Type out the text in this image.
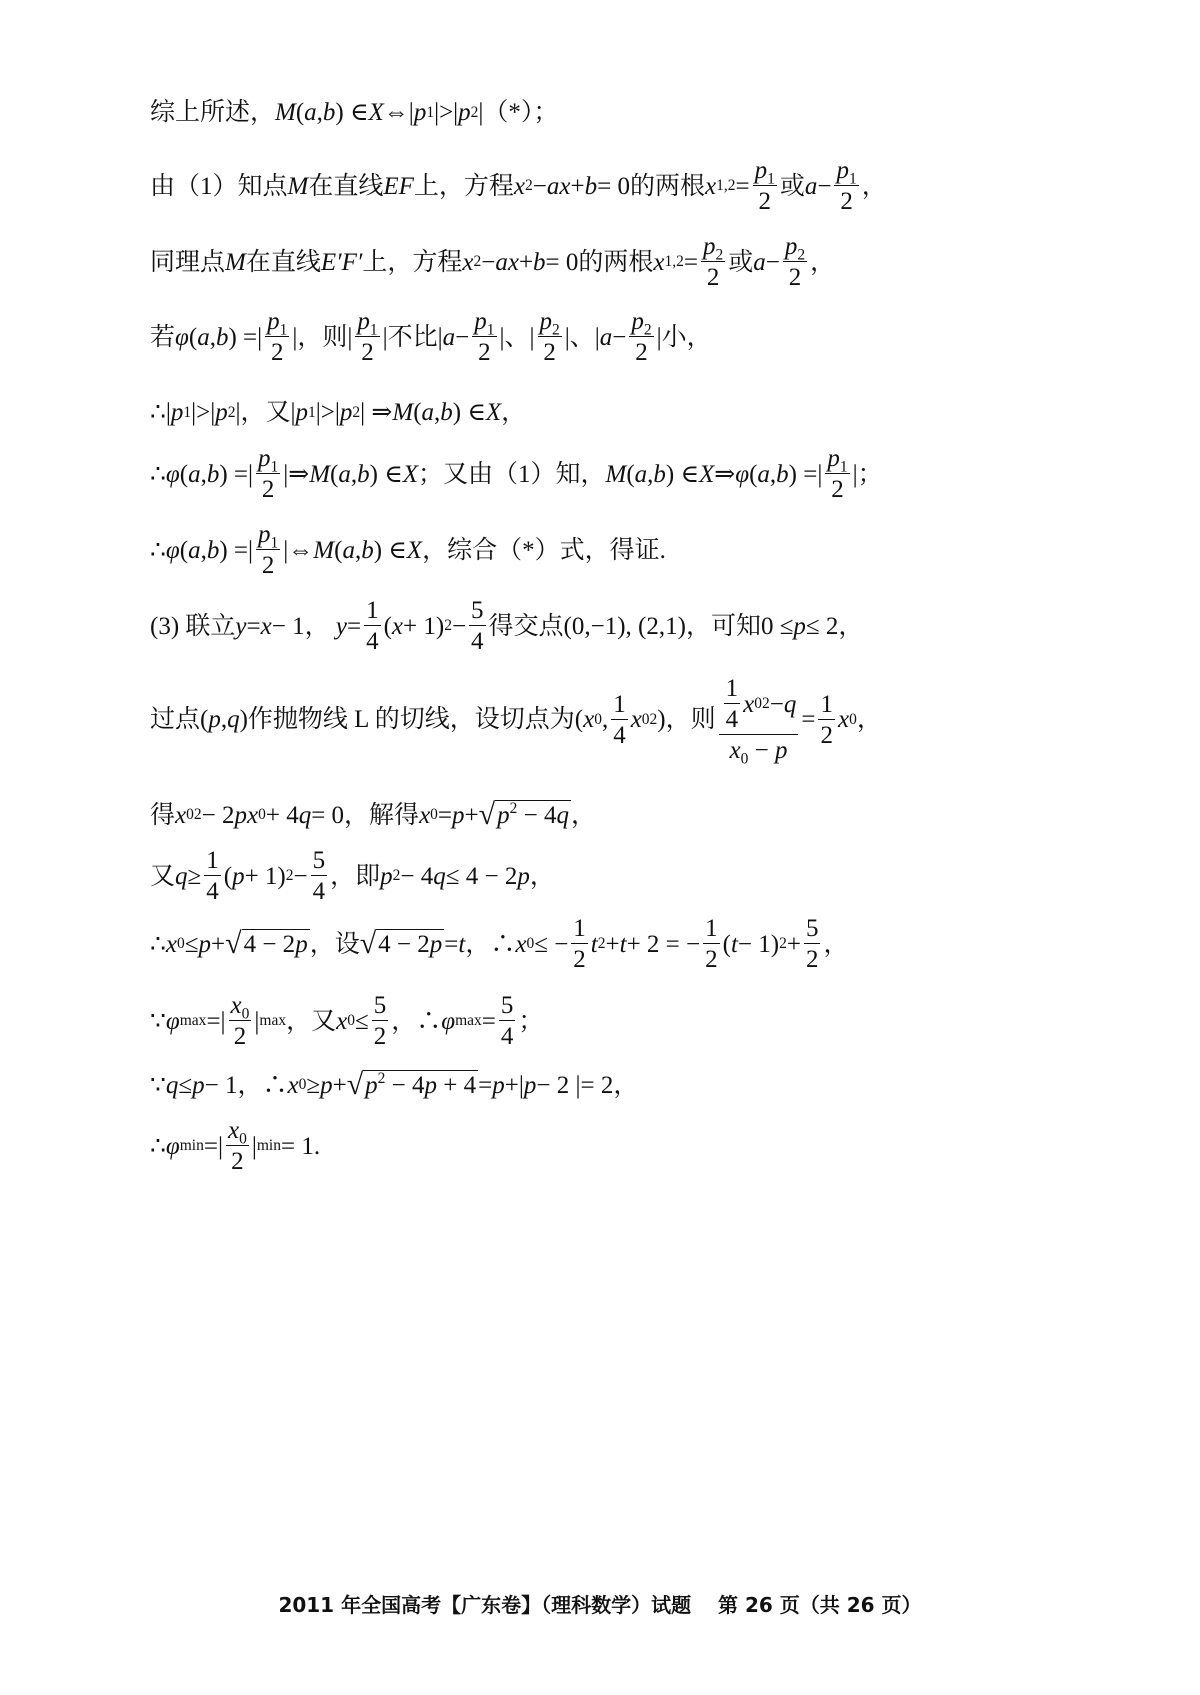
综上所述， M ( a , b ) ∈ X ⇔| p 1 |>| p 2 |（*）；
由（1）知点 M 在直线 EF 上，方程 x 2 − ax + b = 0的两根 x $1,2 = \frac{p_1}{2}$ 或 $a - \frac{p_1}{2}$ ，
同理点 M 在直线 E′F′ 上，方程 x 2 − ax + b = 0的两根 x $1,2 = \frac{p_2}{2}$ 或 $a - \frac{p_2}{2}$ ，
若 φ ( a , b ) =| $\frac{p_1}{2}$ |，则| $\frac{p_1}{2}$ |不比| $a - \frac{p_1}{2}$ |、| $\frac{p_2}{2}$ |、| $a - \frac{p_2}{2}$ |小，
∴| p 1 |>| p 2 |，又| p 1 |>| p 2 | ⇒ M ( a , b ) ∈ X ，
∴ φ ( a , b ) =| $\frac{p_1}{2}$ |⇒ M ( a , b ) ∈ X ；又由（1）知， M ( a , b ) ∈ X ⇒ φ ( a , b ) =| $\frac{p_1}{2}$ |；
∴ φ ( a , b ) =| $\frac{p_1}{2}$ |⇔ M ( a , b ) ∈ X ，综合（*）式，得证.
(3) 联立 y = x − 1， $y = \frac{1}{4}$ ( x + 1) $2 - \frac{5}{4}$ 得交点(0,−1), (2,1)，可知0 ≤ p ≤ 2，
过点( p , q )作抛物线 L 的切线，设切点为( x 0 , $\frac{1}{4}$ x 0 2 )，则 $\frac{\frac{1}{4} x 0 2 - q}{x_0 - p} = \frac{1}{2}$ x 0 ，
得 x 0 2 − 2 px 0 + 4 q = 0，解得 x 0 = p + √ $p^2 - 4q$ ，
又 $q \ge \frac{1}{4}$ ( p + 1) $2 - \frac{5}{4}$ ，即 p 2 − 4 q ≤ 4 − 2 p ，
∴ x 0 ≤ p + √ 4 − 2p ，设 √ 4 − 2p = t ，∴ x 0 ≤ − $\frac{1}{2}$ t 2 + t + 2 = − $\frac{1}{2}$ ( t − 1) $2 + \frac{5}{2}$ ，
∵ φ max =| $\frac{x_0}{2}$ | max ，又 x $0 \le \frac{5}{2}$ ，∴ φ $\max = \frac{5}{4}$ ；
∵ q ≤ p − 1，∴ x 0 ≥ p + √ $p^2 - 4p + 4 = p$ +| p − 2 |= 2，
∴ φ min =| $\frac{x_0}{2}$ | min = 1.
2011 年全国高考【广东卷】（理科数学）试题 第 26 页（共 26 页）
